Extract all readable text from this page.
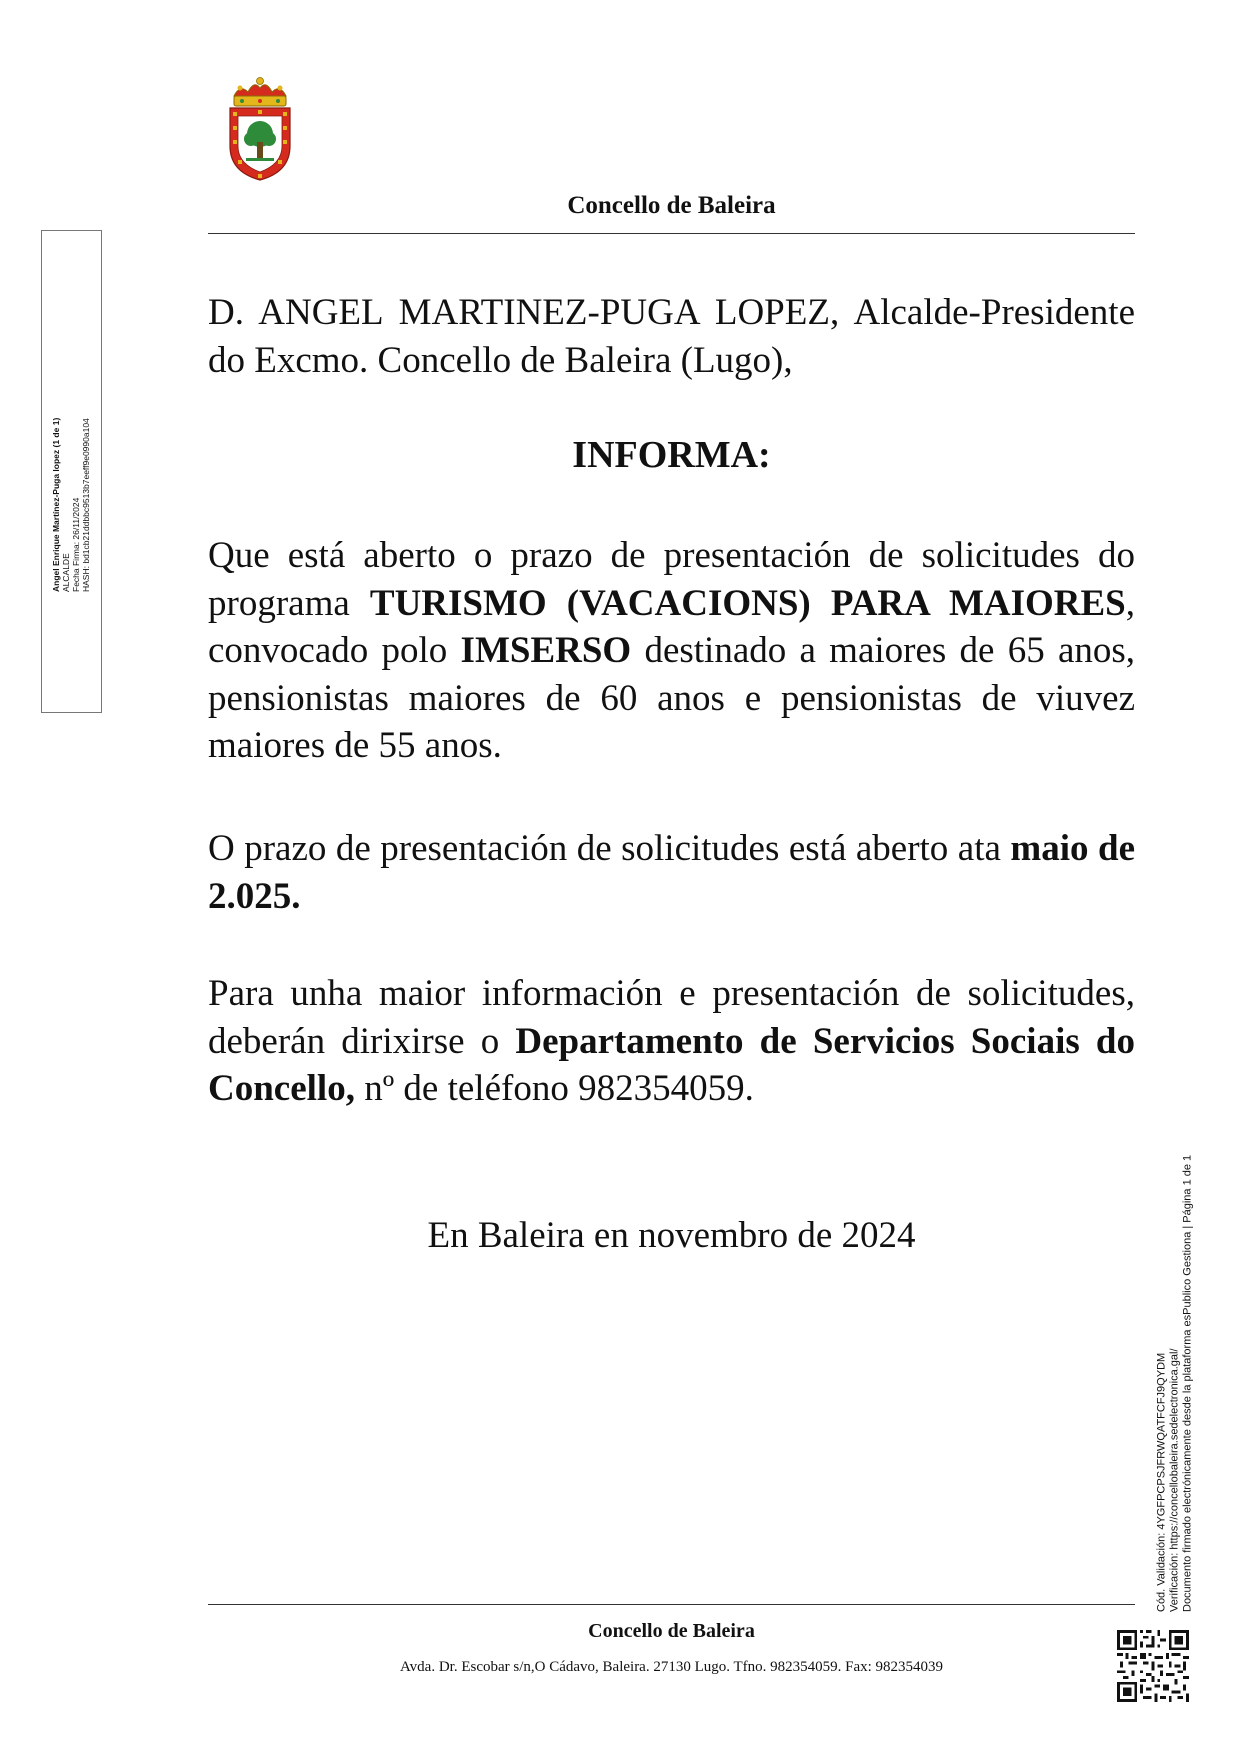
Concello de Baleira
Angel Enrique Martínez-Puga lopez (1 de 1) ALCALDE Fecha Firma: 26/11/2024 HASH: bd1cb21ddbbc9513b7eeff9e0990a104
D. ANGEL MARTINEZ-PUGA LOPEZ, Alcalde-Presidente do Excmo. Concello de Baleira (Lugo),
INFORMA:
Que está aberto o prazo de presentación de solicitudes do programa TURISMO (VACACIONS) PARA MAIORES, convocado polo IMSERSO destinado a maiores de 65 anos, pensionistas maiores de 60 anos e pensionistas de viuvez maiores de 55 anos.
O prazo de presentación de solicitudes está aberto ata maio de 2.025.
Para unha maior información e presentación de solicitudes, deberán dirixirse o Departamento de Servicios Sociais do Concello, nº de teléfono 982354059.
En Baleira en novembro de 2024
Cód. Validación: 4YGFPCPSJFRWQATFCFJ9QYDM Verificación: https://concellobaleira.sedelectronica.gal/ Documento firmado electrónicamente desde la plataforma esPublico Gestiona | Página 1 de 1
Concello de Baleira
Avda. Dr. Escobar s/n,O Cádavo, Baleira. 27130 Lugo. Tfno. 982354059. Fax: 982354039
